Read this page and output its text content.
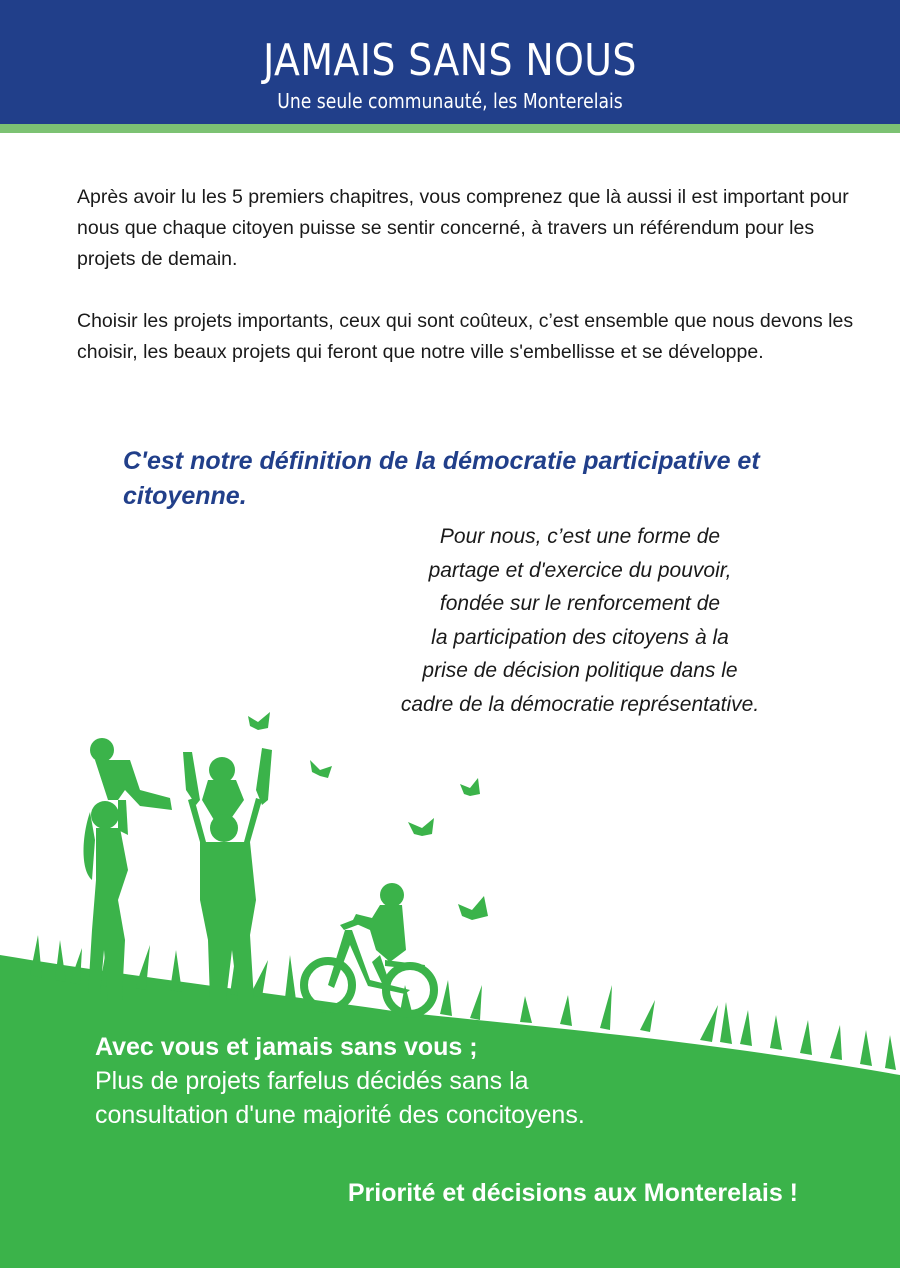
JAMAIS SANS NOUS
Une seule communauté, les Monterelais

Après avoir lu les 5 premiers chapitres, vous comprenez que là aussi il est important pour nous que chaque citoyen puisse se sentir concerné, à travers un référendum pour les projets de demain.

Choisir les projets importants, ceux qui sont coûteux, c’est ensemble que nous devons les choisir, les beaux projets qui feront que notre ville s'embellisse et se développe.

C'est notre définition de la démocratie participative et citoyenne.
Pour nous, c’est une forme de
partage et d'exercice du pouvoir,
fondée sur le renforcement de
la participation des citoyens à la
prise de décision politique dans le
cadre de la démocratie représentative.
Avec vous et jamais sans vous ;
Plus de projets farfelus décidés sans la
consultation d'une majorité des concitoyens.
Priorité et décisions aux Monterelais !
